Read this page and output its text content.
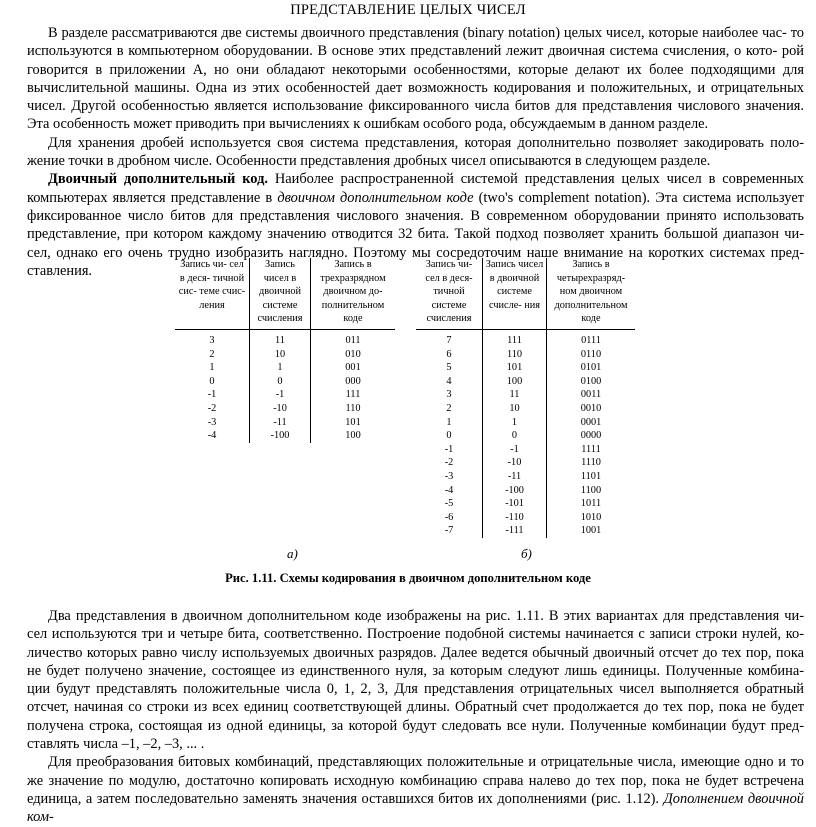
ПРЕДСТАВЛЕНИЕ ЦЕЛЫХ ЧИСЕЛ

В разделе рассматриваются две системы двоичного представления (binary notation) целых чисел, которые наиболее час- то используются в компьютерном оборудовании. В основе этих представлений лежит двоичная система счисления, о кото- рой говорится в приложении А, но они обладают некоторыми особенностями, которые делают их более подходящими для вычислительной машины. Одна из этих особенностей дает возможность кодирования и положительных, и отрицательных чисел. Другой особенностью является использование фиксированного числа битов для представления числового значения. Эта особенность может приводить при вычислениях к ошибкам особого рода, обсуждаемым в данном разделе.

Для хранения дробей используется своя система представления, которая дополнительно позволяет закодировать поло- жение точки в дробном числе. Особенности представления дробных чисел описываются в следующем разделе.

Двоичный дополнительный код. Наиболее распространенной системой представления целых чисел в современных компьютерах является представление в двоичном дополнительном коде (two's complement notation). Эта система использует фиксированное число битов для представления числового значения. В современном оборудовании принято использовать представление, при котором каждому значению отводится 32 бита. Такой подход позволяет хранить большой диапазон чи- сел, однако его очень трудно изобразить наглядно. Поэтому мы сосредоточим наше внимание на коротких системах пред- ставления.	Запись чи- сел в деся- тичной сис- теме счис- ления	Запись чисел в двоичной системе счисления	Запись в трехразрядном двоичном до- полнительном коде
3	11	011
2	10	010
1	1	001
0	0	000
-1	-1	111
-2	-10	110
-3	-11	101
-4	-100	100
Запись чи- сел в деся- тичной системе счисления	Запись чисел в двоичной системе счисле- ния	Запись в четырехразряд- ном двоичном дополнительном коде
7	111	0111
6	110	0110
5	101	0101
4	100	0100
3	11	0011
2	10	0010
1	1	0001
0	0	0000
-1	-1	1111
-2	-10	1110
-3	-11	1101
-4	-100	1100
-5	-101	1011
-6	-110	1010
-7	-111	1001
а)	б)
Рис. 1.11. Схемы кодирования в двоичном дополнительном коде

Два представления в двоичном дополнительном коде изображены на рис. 1.11. В этих вариантах для представления чи- сел используются три и четыре бита, соответственно. Построение подобной системы начинается с записи строки нулей, ко- личество которых равно числу используемых двоичных разрядов. Далее ведется обычный двоичный отсчет до тех пор, пока не будет получено значение, состоящее из единственного нуля, за которым следуют лишь единицы. Полученные комбина- ции будут представлять положительные числа 0, 1, 2, 3, Для представления отрицательных чисел выполняется обратный отсчет, начиная со строки из всех единиц соответствующей длины. Обратный счет продолжается до тех пор, пока не будет получена строка, состоящая из одной единицы, за которой будут следовать все нули. Полученные комбинации будут пред- ставлять числа –1, –2, –3, ... .

Для преобразования битовых комбинаций, представляющих положительные и отрицательные числа, имеющие одно и то же значение по модулю, достаточно копировать исходную комбинацию справа налево до тех пор, пока не будет встречена единица, а затем последовательно заменять значения оставшихся битов их дополнениями (рис. 1.12). Дополнением двоичной ком-
